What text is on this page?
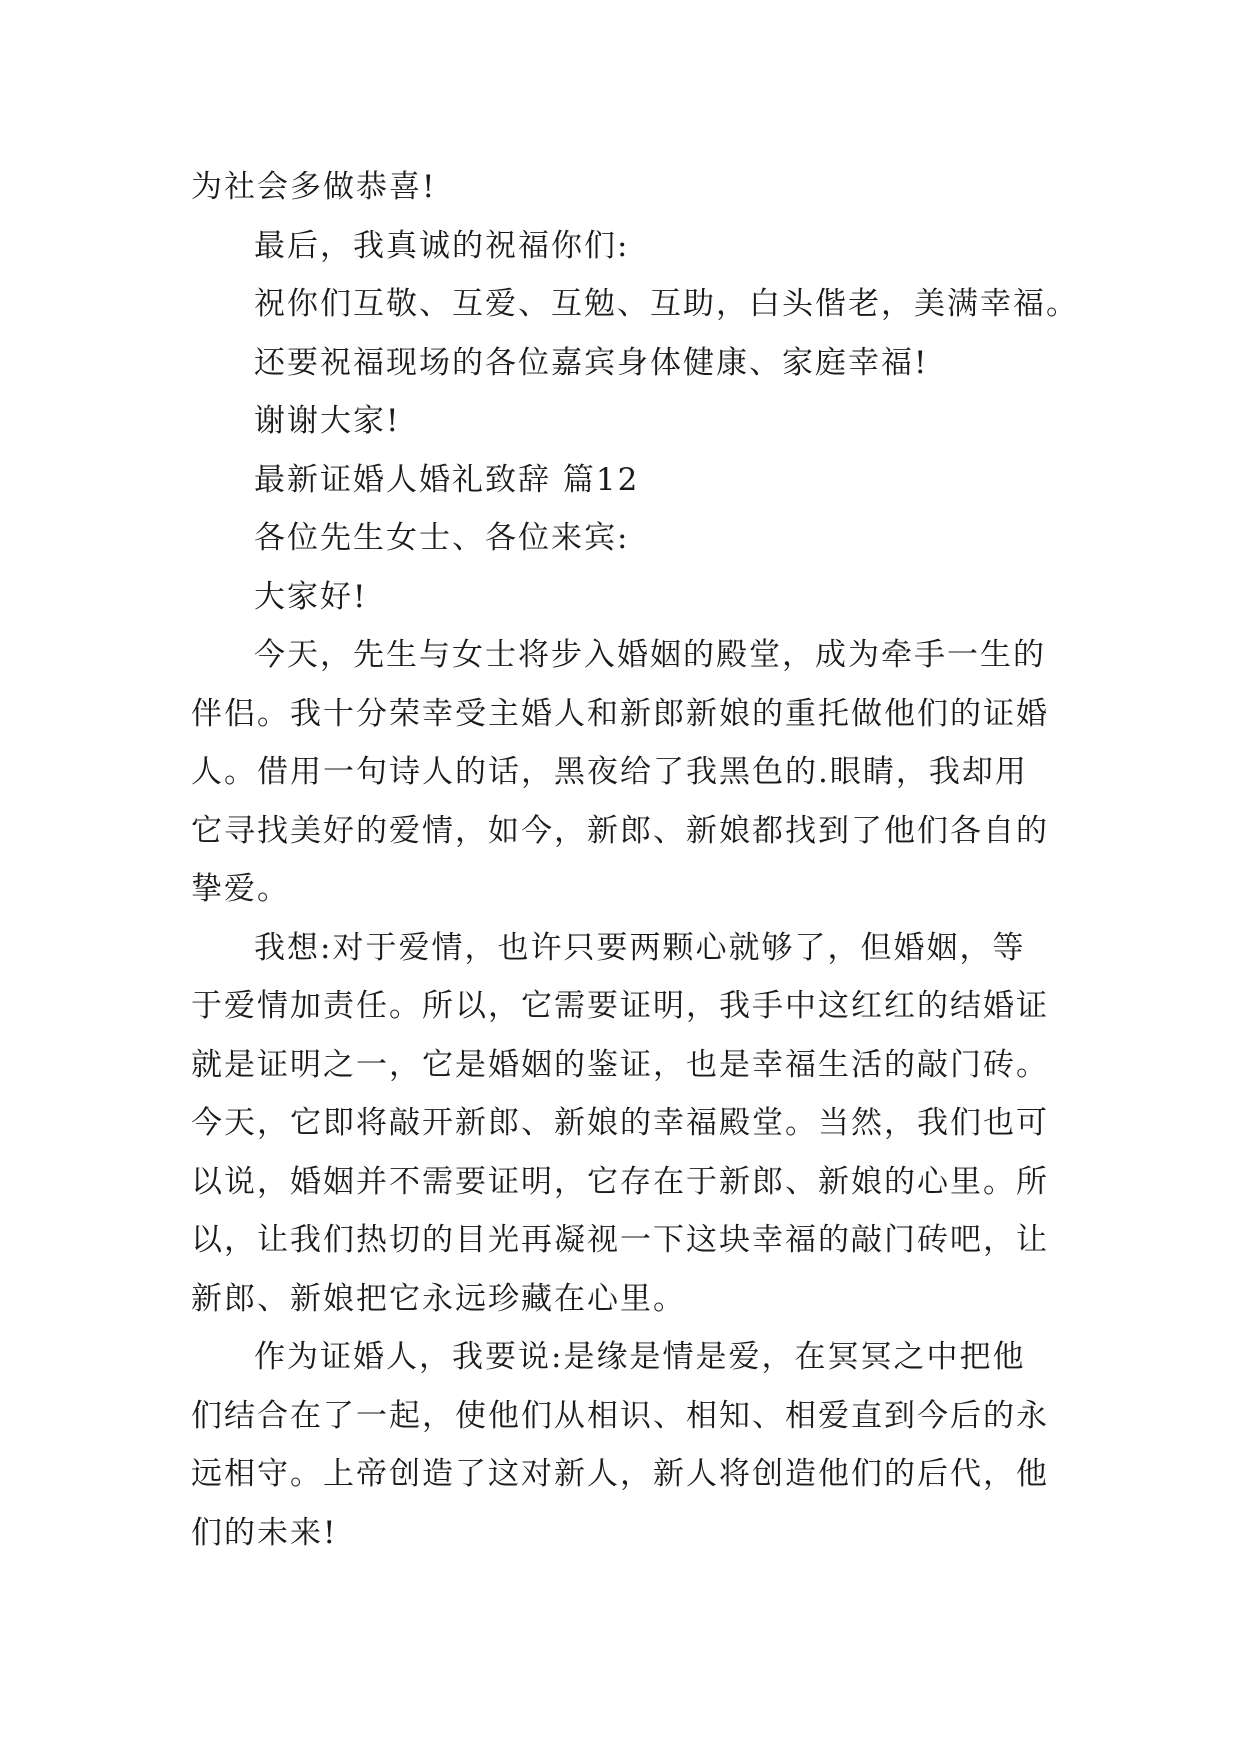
为社会多做恭喜!
最后，我真诚的祝福你们:
祝你们互敬、互爱、互勉、互助，白头偕老，美满幸福。
还要祝福现场的各位嘉宾身体健康、家庭幸福!
谢谢大家!
最新证婚人婚礼致辞 篇12
各位先生女士、各位来宾:
大家好!
今天，先生与女士将步入婚姻的殿堂，成为牵手一生的
伴侣。我十分荣幸受主婚人和新郎新娘的重托做他们的证婚
人。借用一句诗人的话，黑夜给了我黑色的.眼睛，我却用
它寻找美好的爱情，如今，新郎、新娘都找到了他们各自的
挚爱。
我想:对于爱情，也许只要两颗心就够了，但婚姻，等
于爱情加责任。所以，它需要证明，我手中这红红的结婚证
就是证明之一，它是婚姻的鉴证，也是幸福生活的敲门砖。
今天，它即将敲开新郎、新娘的幸福殿堂。当然，我们也可
以说，婚姻并不需要证明，它存在于新郎、新娘的心里。所
以，让我们热切的目光再凝视一下这块幸福的敲门砖吧，让
新郎、新娘把它永远珍藏在心里。
作为证婚人，我要说:是缘是情是爱，在冥冥之中把他
们结合在了一起，使他们从相识、相知、相爱直到今后的永
远相守。上帝创造了这对新人，新人将创造他们的后代，他
们的未来!
